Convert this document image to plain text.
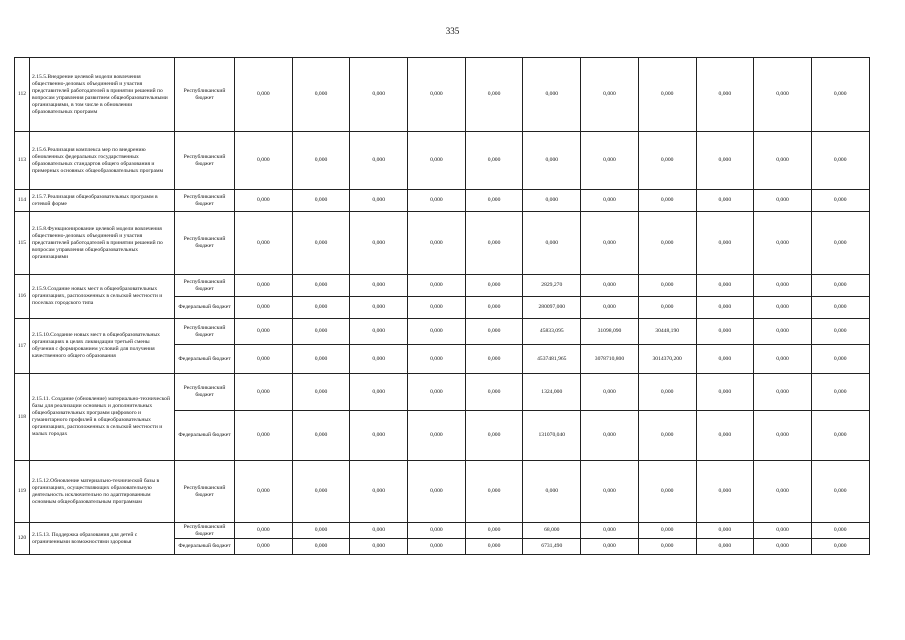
335
112	2.15.5.Внедрение целевой модели вовлечения общественно-деловых объединений и участия представителей работодателей в принятии решений по вопросам управления развитием общеобразовательными организациями, в том числе в обновлении образовательных программ	Республиканский бюджет	0,000	0,000	0,000	0,000	0,000	0,000	0,000	0,000	0,000	0,000	0,000
113	2.15.6.Реализация комплекса мер по внедрению обновленных федеральных государственных образовательных стандартов общего образования и примерных основных общеобразовательных программ	Республиканский бюджет	0,000	0,000	0,000	0,000	0,000	0,000	0,000	0,000	0,000	0,000	0,000
114	2.15.7.Реализация общеобразовательных программ в сетевой форме	Республиканский бюджет	0,000	0,000	0,000	0,000	0,000	0,000	0,000	0,000	0,000	0,000	0,000
115	2.15.8.Функционирование целевой модели вовлечения общественно-деловых объединений и участия представителей работодателей в принятии решений по вопросам управления общеобразовательных организациями	Республиканский бюджет	0,000	0,000	0,000	0,000	0,000	0,000	0,000	0,000	0,000	0,000	0,000
116	2.15.9.Создание новых мест в общеобразовательных организациях, расположенных в сельской местности и поселках городского типа	Республиканский бюджет	0,000	0,000	0,000	0,000	0,000	2829,270	0,000	0,000	0,000	0,000	0,000
		Федеральный бюджет	0,000	0,000	0,000	0,000	0,000	280097,000	0,000	0,000	0,000	0,000	0,000
117	2.15.10.Создание новых мест в общеобразовательных организациях в целях ликвидации третьей смены обучения с формированием условий для получения качественного общего образования	Республиканский бюджет	0,000	0,000	0,000	0,000	0,000	45833,095	31098,090	30448,190	0,000	0,000	0,000
		Федеральный бюджет	0,000	0,000	0,000	0,000	0,000	4537481,965	3078710,800	3014370,200	0,000	0,000	0,000
118	2.15.11. Создание (обновление) материально-технической базы для реализации основных и дополнительных общеобразовательных программ цифрового и гуманитарного профилей в общеобразовательных организациях, расположенных в сельской местности и малых городах	Республиканский бюджет	0,000	0,000	0,000	0,000	0,000	1324,000	0,000	0,000	0,000	0,000	0,000
		Федеральный бюджет	0,000	0,000	0,000	0,000	0,000	131070,040	0,000	0,000	0,000	0,000	0,000
119	2.15.12.Обновление материально-технической базы в организациях, осуществляющих образовательную деятельность исключительно по адаптированным основным общеобразовательным программам	Республиканский бюджет	0,000	0,000	0,000	0,000	0,000	0,000	0,000	0,000	0,000	0,000	0,000
120	2.15.13. Поддержка образования для детей с ограниченными возможностями здоровья	Республиканский бюджет	0,000	0,000	0,000	0,000	0,000	68,000	0,000	0,000	0,000	0,000	0,000
		Федеральный бюджет	0,000	0,000	0,000	0,000	0,000	6731,490	0,000	0,000	0,000	0,000	0,000
